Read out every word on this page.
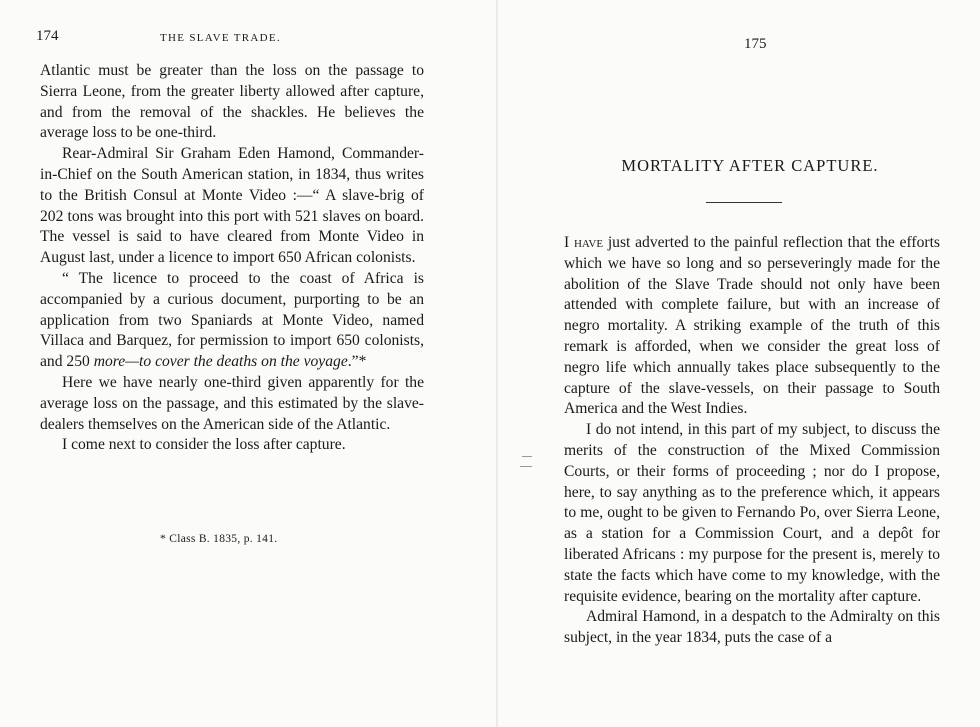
174	THE SLAVE TRADE.

Atlantic must be greater than the loss on the passage to Sierra Leone, from the greater liberty allowed after capture, and from the removal of the shackles. He believes the average loss to be one-third.

Rear-Admiral Sir Graham Eden Hamond, Commander-in-Chief on the South American station, in 1834, thus writes to the British Consul at Monte Video :—“ A slave-brig of 202 tons was brought into this port with 521 slaves on board. The vessel is said to have cleared from Monte Video in August last, under a licence to import 650 African colonists.

“ The licence to proceed to the coast of Africa is accompanied by a curious document, purporting to be an application from two Spaniards at Monte Video, named Villaca and Barquez, for permission to import 650 colonists, and 250 more—to cover the deaths on the voyage.”*

Here we have nearly one-third given apparently for the average loss on the passage, and this estimated by the slave-dealers themselves on the American side of the Atlantic.

I come next to consider the loss after capture.

* Class B. 1835, p. 141.
175
MORTALITY AFTER CAPTURE.

I have just adverted to the painful reflection that the efforts which we have so long and so perseveringly made for the abolition of the Slave Trade should not only have been attended with complete failure, but with an increase of negro mortality. A striking example of the truth of this remark is afforded, when we consider the great loss of negro life which annually takes place subsequently to the capture of the slave-vessels, on their passage to South America and the West Indies.

I do not intend, in this part of my subject, to discuss the merits of the construction of the Mixed Commission Courts, or their forms of proceeding ; nor do I propose, here, to say anything as to the preference which, it appears to me, ought to be given to Fernando Po, over Sierra Leone, as a station for a Commission Court, and a depôt for liberated Africans : my purpose for the present is, merely to state the facts which have come to my knowledge, with the requisite evidence, bearing on the mortality after capture.

Admiral Hamond, in a despatch to the Admiralty on this subject, in the year 1834, puts the case of a
